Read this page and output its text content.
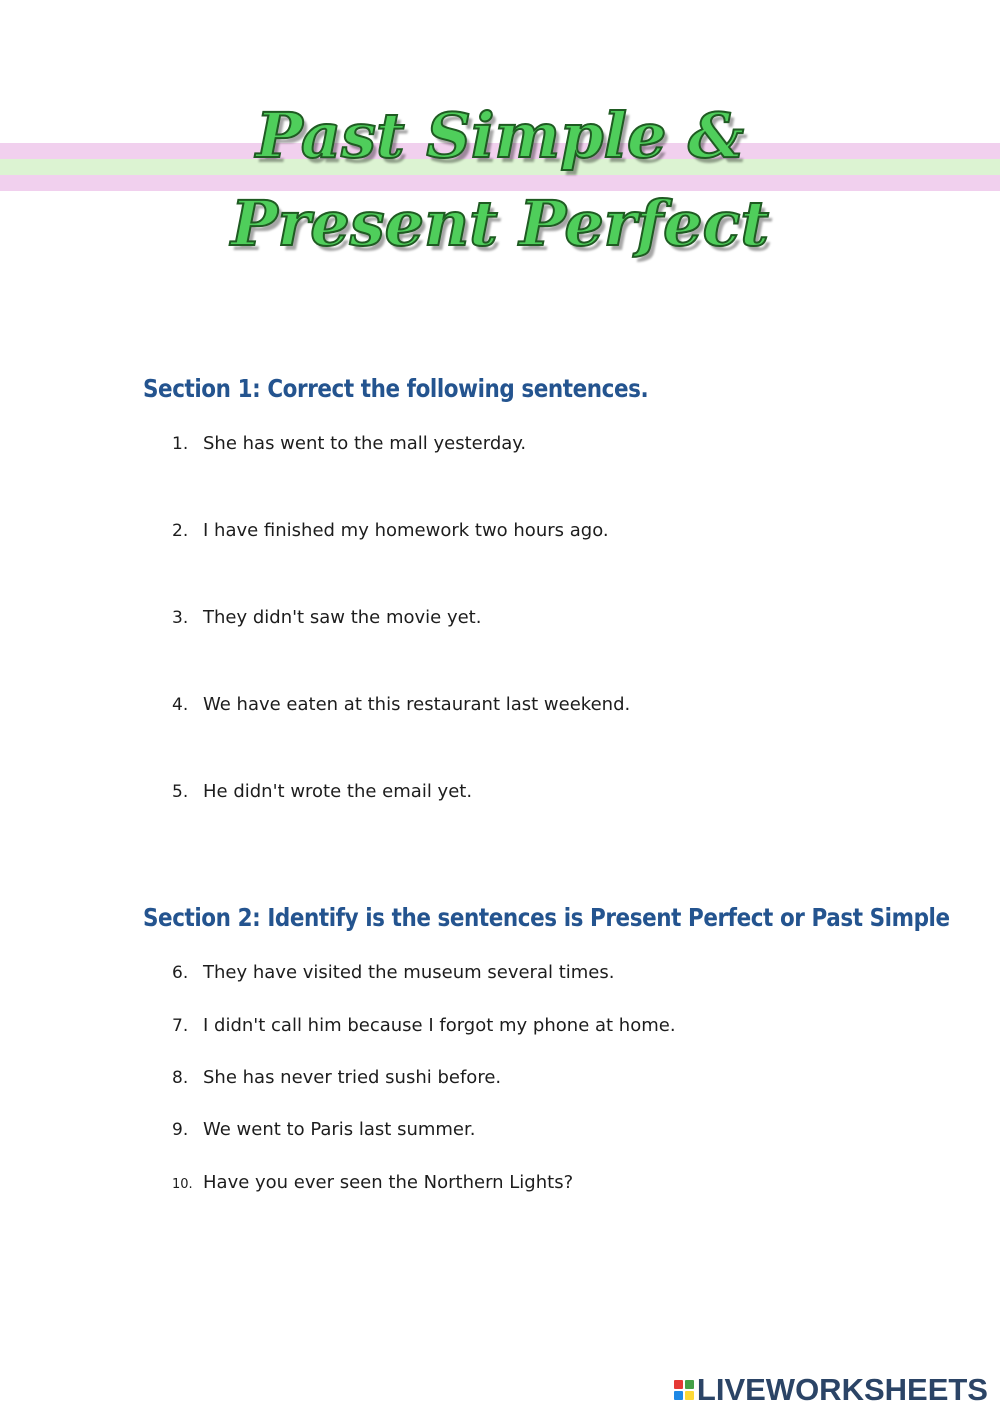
Past Simple &
Present Perfect
Section 1: Correct the following sentences.
1. She has went to the mall yesterday.
2. I have finished my homework two hours ago.
3. They didn't saw the movie yet.
4. We have eaten at this restaurant last weekend.
5. He didn't wrote the email yet.
Section 2: Identify is the sentences is Present Perfect or Past Simple
6. They have visited the museum several times.
7. I didn't call him because I forgot my phone at home.
8. She has never tried sushi before.
9. We went to Paris last summer.
10. Have you ever seen the Northern Lights?
LIVEWORKSHEETS
